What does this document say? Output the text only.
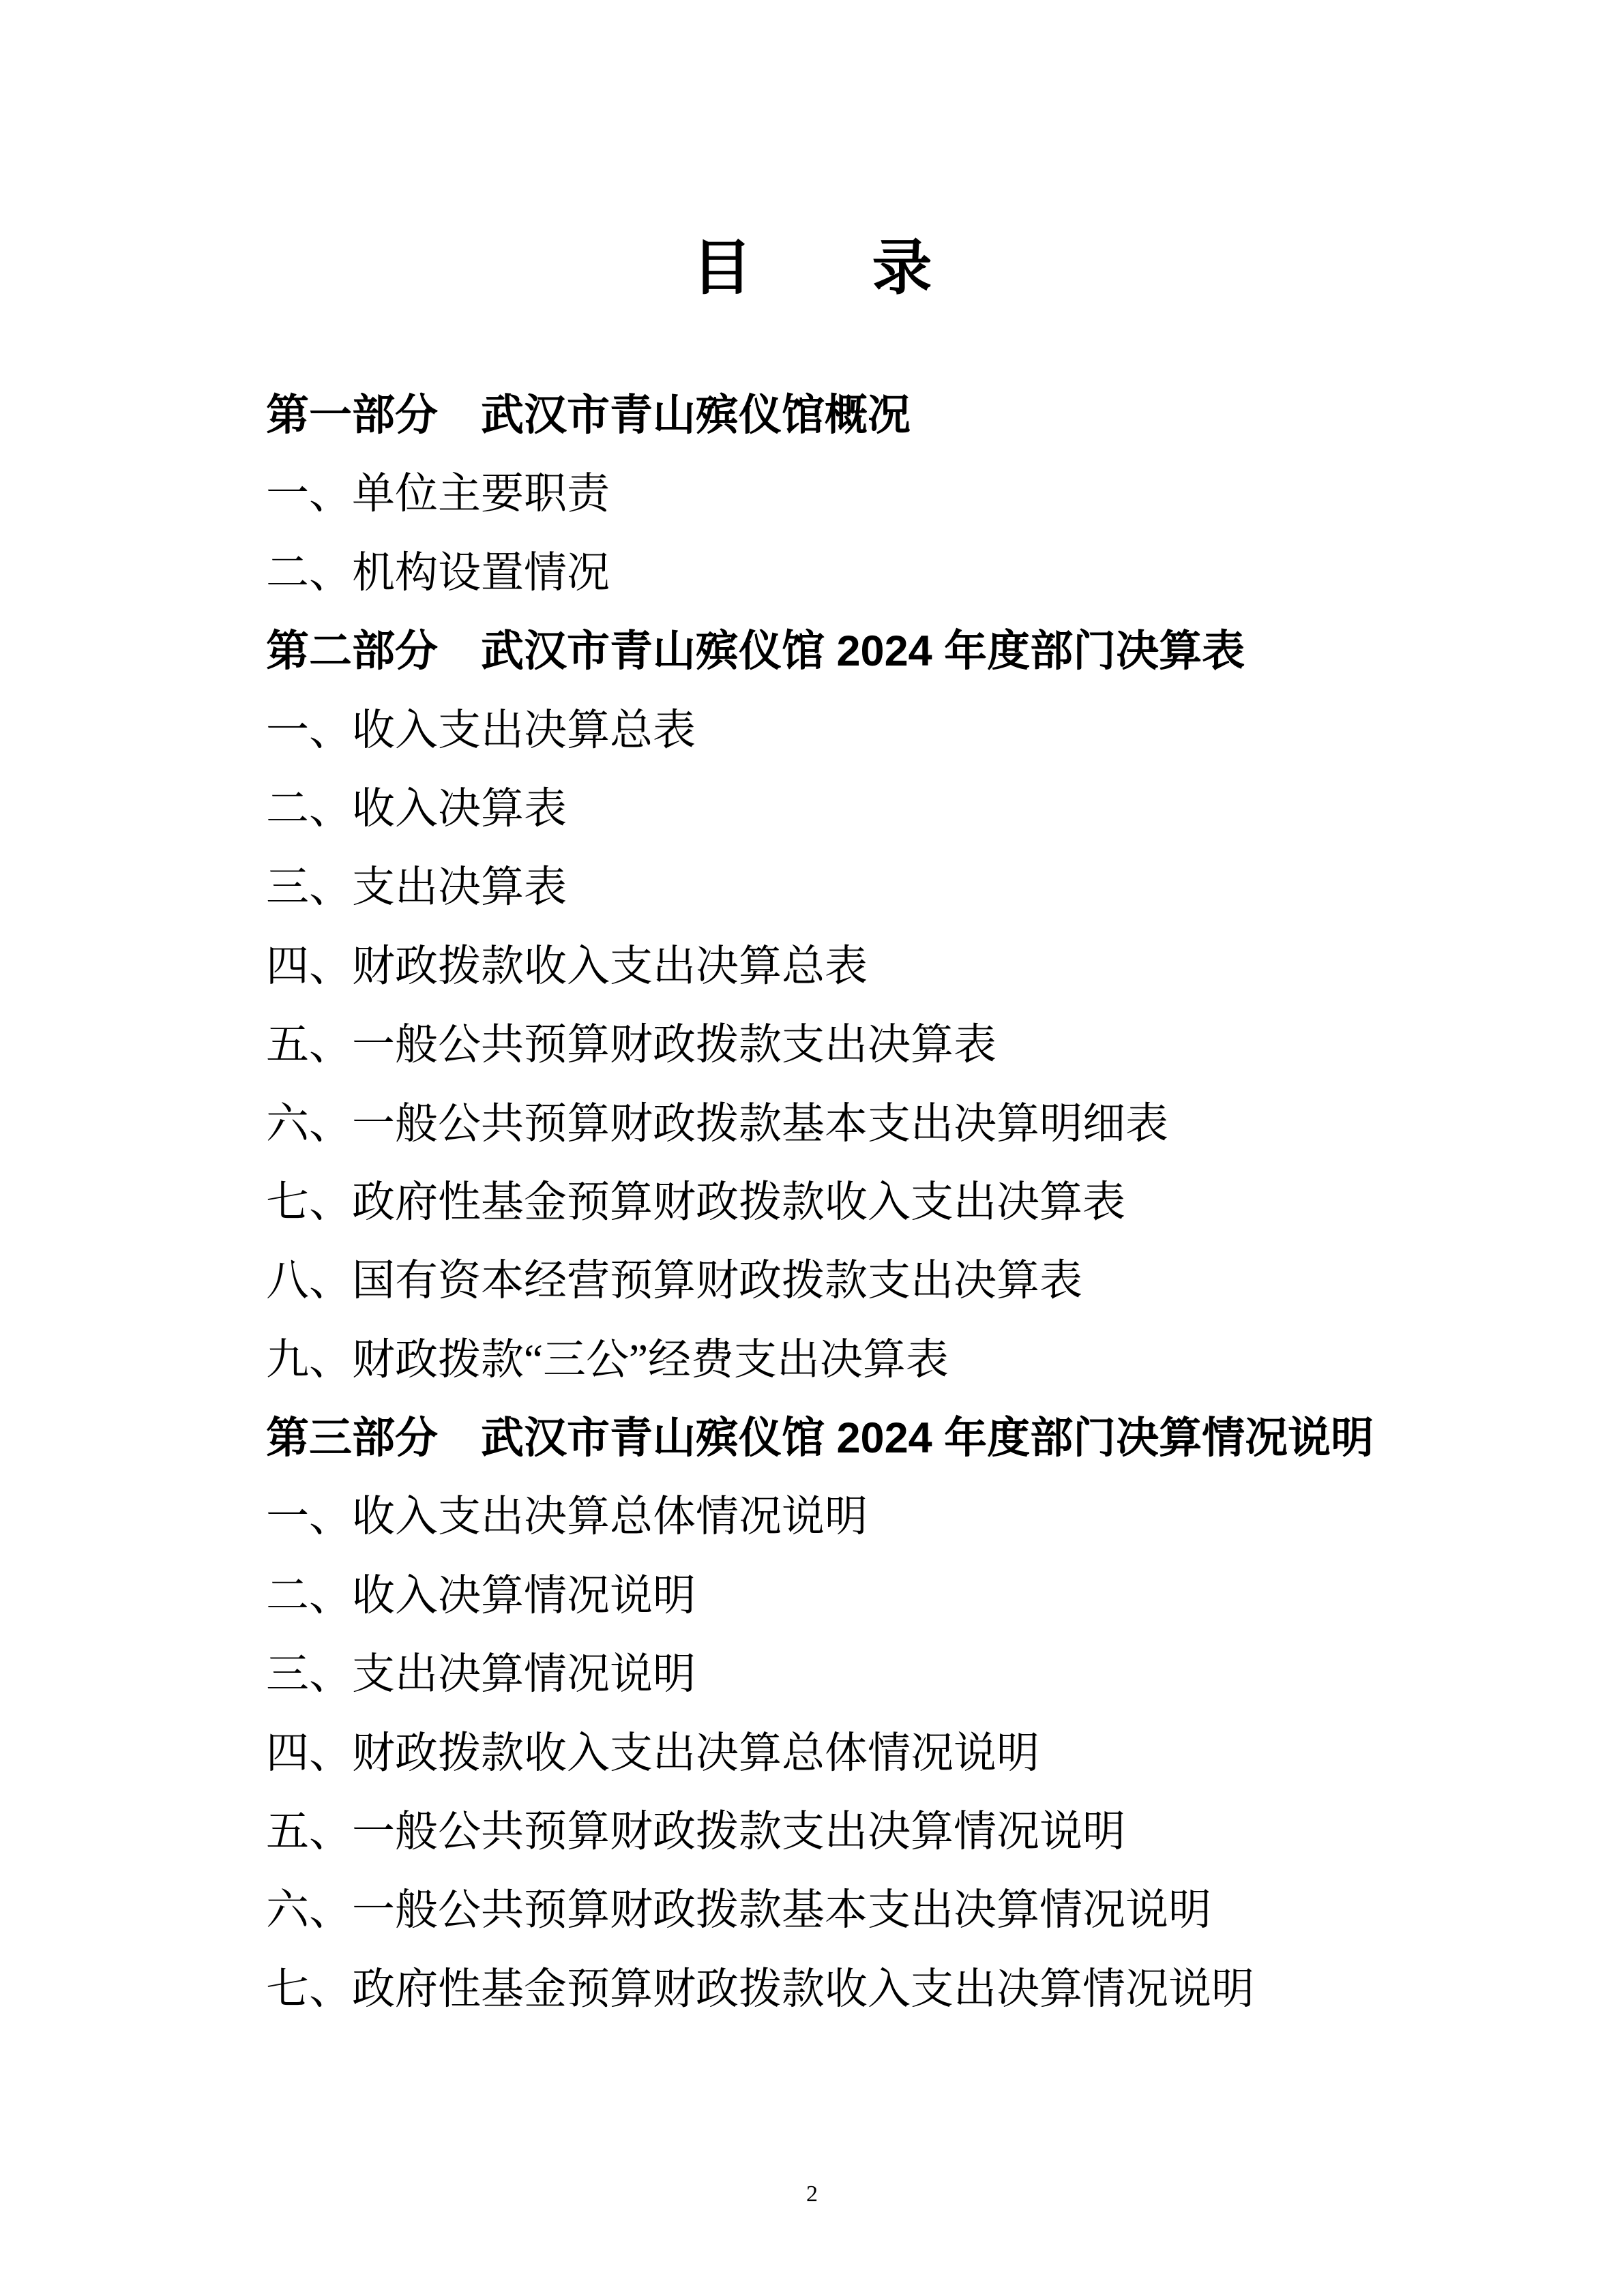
目　　录
第一部分　武汉市青山殡仪馆概况
一、单位主要职责
二、机构设置情况
第二部分　武汉市青山殡仪馆 2024 年度部门决算表
一、收入支出决算总表
二、收入决算表
三、支出决算表
四、财政拨款收入支出决算总表
五、一般公共预算财政拨款支出决算表
六、一般公共预算财政拨款基本支出决算明细表
七、政府性基金预算财政拨款收入支出决算表
八、国有资本经营预算财政拨款支出决算表
九、财政拨款“三公”经费支出决算表
第三部分　武汉市青山殡仪馆 2024 年度部门决算情况说明
一、收入支出决算总体情况说明
二、收入决算情况说明
三、支出决算情况说明
四、财政拨款收入支出决算总体情况说明
五、一般公共预算财政拨款支出决算情况说明
六、一般公共预算财政拨款基本支出决算情况说明
七、政府性基金预算财政拨款收入支出决算情况说明
2
